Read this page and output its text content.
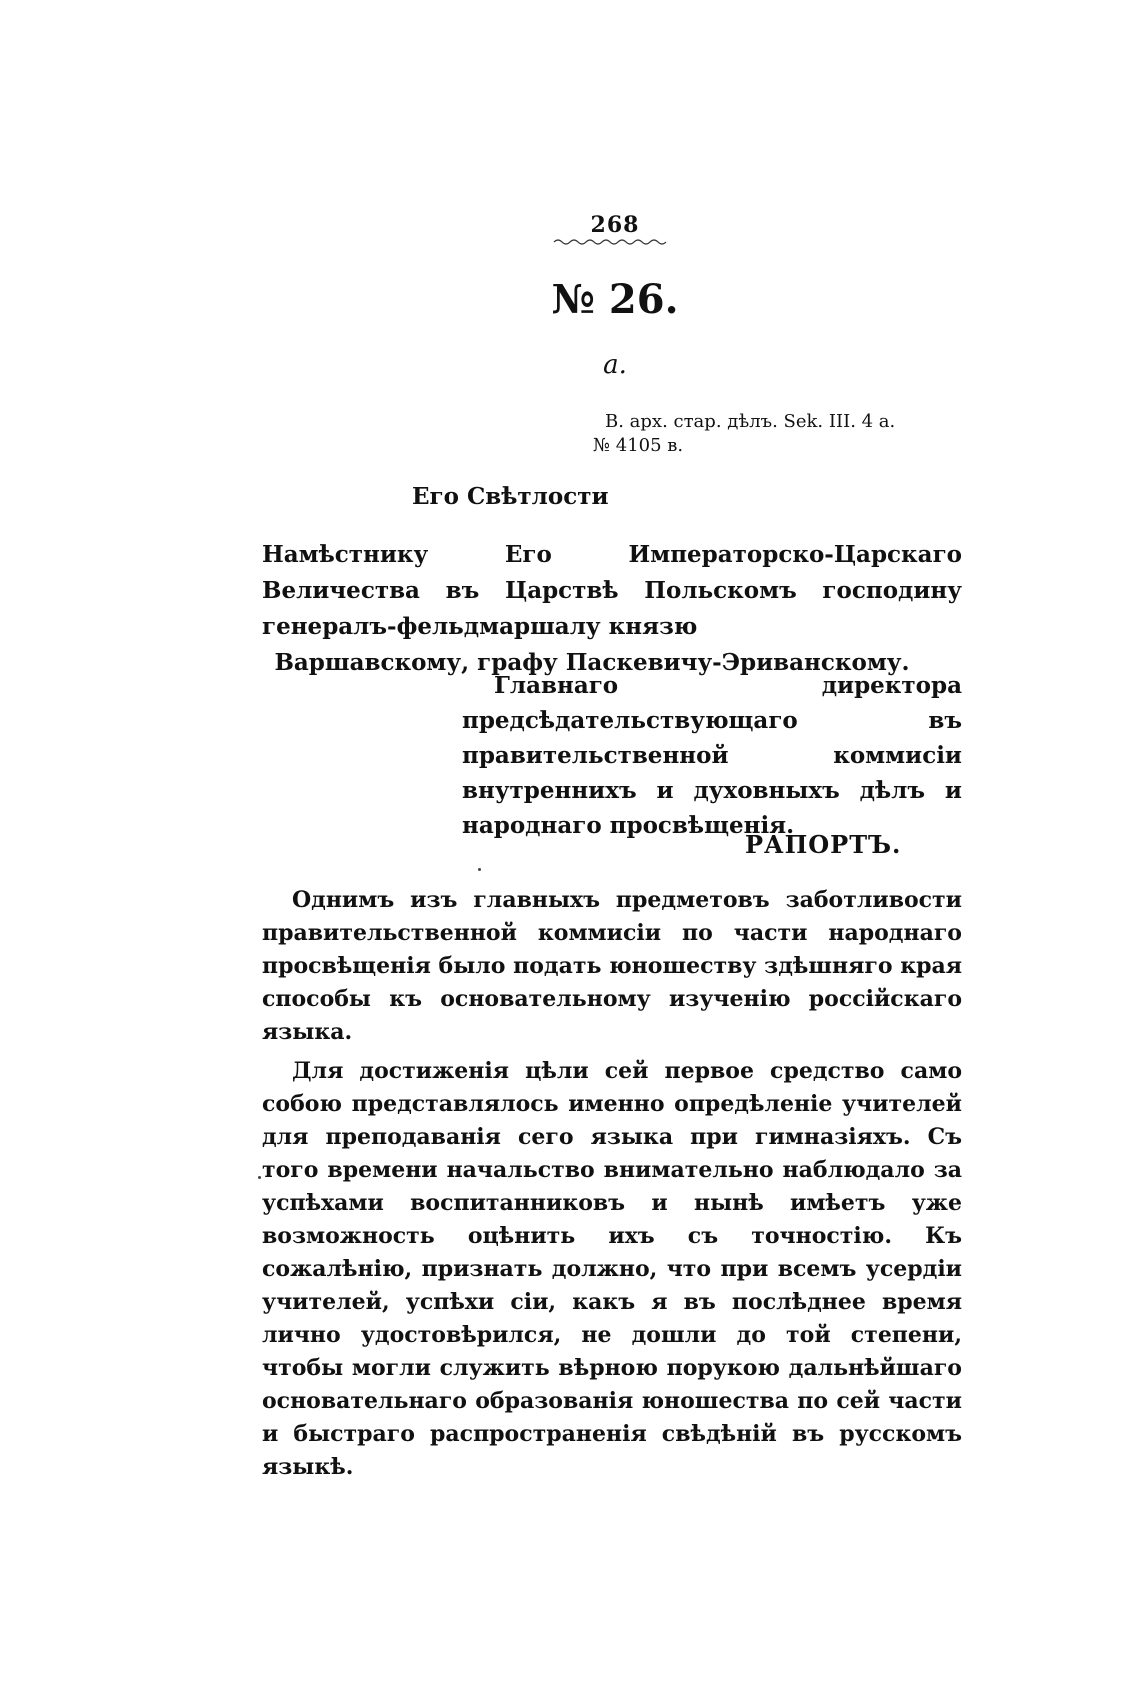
268
№ 26.
a.
В. арх. стар. дѣлъ. Sek. III. 4 a.
№ 4105 в.
Его Свѣтлости
Намѣстнику Его Императорско-Царскаго Величества въ Царствѣ Польскомъ господину генералъ-фельдмаршалу князю
Варшавскому, графу Паскевичу-Эриванскому.
Главнаго директора предсѣдательствующаго въ правительственной коммисіи внутреннихъ и духовныхъ дѣлъ и народнаго просвѣщенія.
РАПОРТЪ.

Однимъ изъ главныхъ предметовъ заботливости правительственной коммисіи по части народнаго просвѣщенія было подать юношеству здѣшняго края способы къ основательному изученію россійскаго языка.

Для достиженія цѣли сей первое средство само собою представлялось именно опредѣленіе учителей для преподаванія сего языка при гимназіяхъ. Съ того времени начальство внимательно наблюдало за успѣхами воспитанниковъ и нынѣ имѣетъ уже возможность оцѣнить ихъ съ точностію. Къ сожалѣнію, признать должно, что при всемъ усердіи учителей, успѣхи сіи, какъ я въ послѣднее время лично удостовѣрился, не дошли до той степени, чтобы могли служить вѣрною порукою дальнѣйшаго основательнаго образованія юношества по сей части и быстраго распространенія свѣдѣній въ русскомъ языкѣ.
